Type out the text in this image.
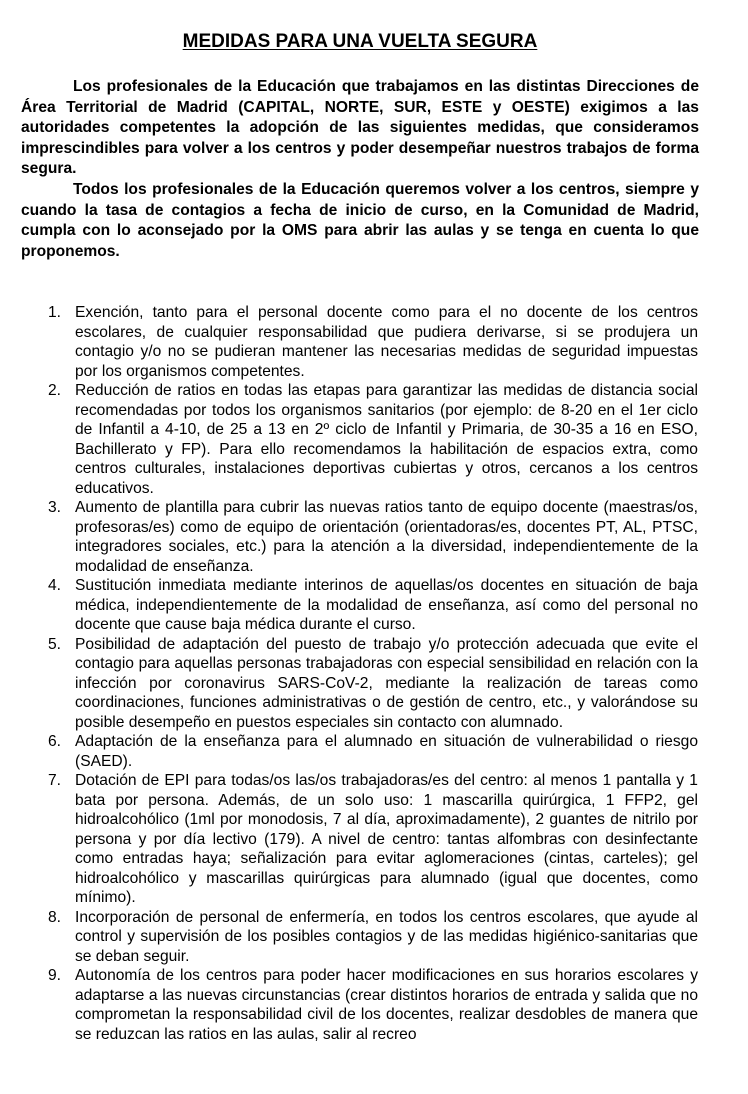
MEDIDAS PARA UNA VUELTA SEGURA

Los profesionales de la Educación que trabajamos en las distintas Direcciones de Área Territorial de Madrid (CAPITAL, NORTE, SUR, ESTE y OESTE) exigimos a las autoridades competentes la adopción de las siguientes medidas, que consideramos imprescindibles para volver a los centros y poder desempeñar nuestros trabajos de forma segura.

Todos los profesionales de la Educación queremos volver a los centros, siempre y cuando la tasa de contagios a fecha de inicio de curso, en la Comunidad de Madrid, cumpla con lo aconsejado por la OMS para abrir las aulas y se tenga en cuenta lo que proponemos.

1. Exención, tanto para el personal docente como para el no docente de los centros escolares, de cualquier responsabilidad que pudiera derivarse, si se produjera un contagio y/o no se pudieran mantener las necesarias medidas de seguridad impuestas por los organismos competentes.
2. Reducción de ratios en todas las etapas para garantizar las medidas de distancia social recomendadas por todos los organismos sanitarios (por ejemplo: de 8-20 en el 1er ciclo de Infantil a 4-10, de 25 a 13 en 2º ciclo de Infantil y Primaria, de 30-35 a 16 en ESO, Bachillerato y FP). Para ello recomendamos la habilitación de espacios extra, como centros culturales, instalaciones deportivas cubiertas y otros, cercanos a los centros educativos.
3. Aumento de plantilla para cubrir las nuevas ratios tanto de equipo docente (maestras/os, profesoras/es) como de equipo de orientación (orientadoras/es, docentes PT, AL, PTSC, integradores sociales, etc.) para la atención a la diversidad, independientemente de la modalidad de enseñanza.
4. Sustitución inmediata mediante interinos de aquellas/os docentes en situación de baja médica, independientemente de la modalidad de enseñanza, así como del personal no docente que cause baja médica durante el curso.
5. Posibilidad de adaptación del puesto de trabajo y/o protección adecuada que evite el contagio para aquellas personas trabajadoras con especial sensibilidad en relación con la infección por coronavirus SARS-CoV-2, mediante la realización de tareas como coordinaciones, funciones administrativas o de gestión de centro, etc., y valorándose su posible desempeño en puestos especiales sin contacto con alumnado.
6. Adaptación de la enseñanza para el alumnado en situación de vulnerabilidad o riesgo (SAED).
7. Dotación de EPI para todas/os las/os trabajadoras/es del centro: al menos 1 pantalla y 1 bata por persona. Además, de un solo uso: 1 mascarilla quirúrgica, 1 FFP2, gel hidroalcohólico (1ml por monodosis, 7 al día, aproximadamente), 2 guantes de nitrilo por persona y por día lectivo (179). A nivel de centro: tantas alfombras con desinfectante como entradas haya; señalización para evitar aglomeraciones (cintas, carteles); gel hidroalcohólico y mascarillas quirúrgicas para alumnado (igual que docentes, como mínimo).
8. Incorporación de personal de enfermería, en todos los centros escolares, que ayude al control y supervisión de los posibles contagios y de las medidas higiénico-sanitarias que se deban seguir.
9. Autonomía de los centros para poder hacer modificaciones en sus horarios escolares y adaptarse a las nuevas circunstancias (crear distintos horarios de entrada y salida que no comprometan la responsabilidad civil de los docentes, realizar desdobles de manera que se reduzcan las ratios en las aulas, salir al recreo
